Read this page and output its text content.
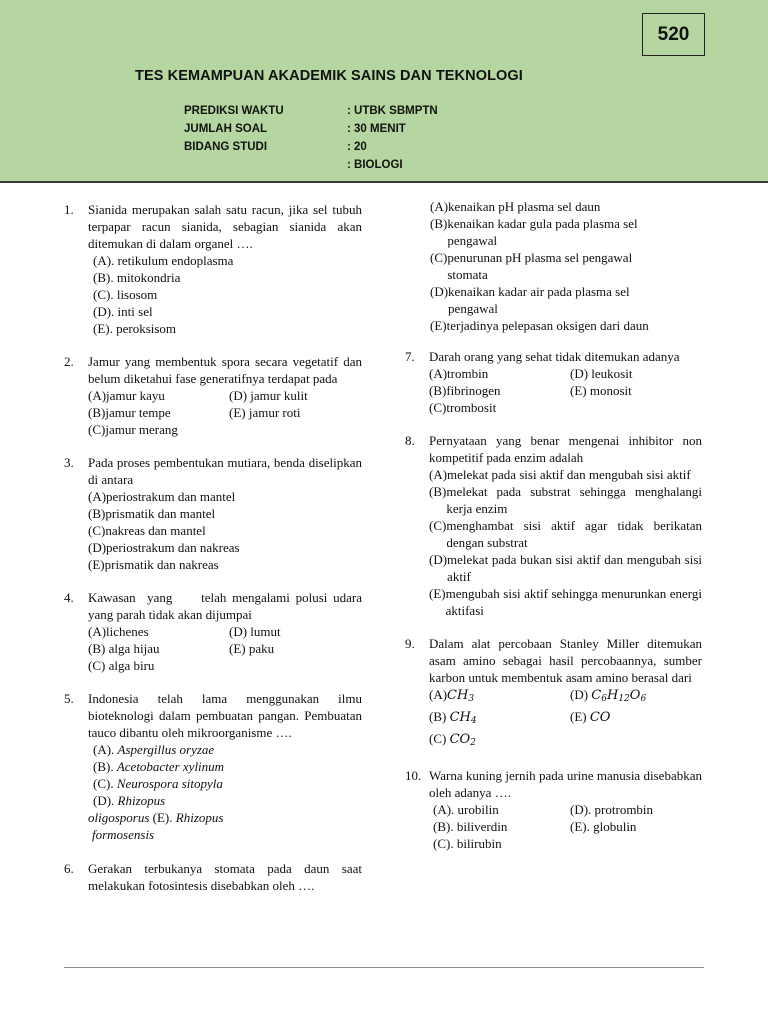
520
TES KEMAMPUAN AKADEMIK SAINS DAN TEKNOLOGI
PREDIKSI WAKTU	: UTBK SBMPTN
JUMLAH SOAL	: 30 MENIT
BIDANG STUDI	: 20
: BIOLOGI
1.	Sianida merupakan salah satu racun, jika sel tubuh terpapar racun sianida, sebagian sianida akan ditemukan di dalam organel ….
(A). retikulum endoplasma
(B). mitokondria
(C). lisosom
(D). inti sel
(E). peroksisom
2.	Jamur yang membentuk spora secara vegetatif dan belum diketahui fase generatifnya terdapat pada
(A) jamur kayu	(D) jamur kulit
(B) jamur tempe	(E) jamur roti
(C) jamur merang
3.	Pada proses pembentukan mutiara, benda diselipkan di antara
(A) periostrakum dan mantel
(B) prismatik dan mantel
(C) nakreas dan mantel
(D) periostrakum dan nakreas
(E) prismatik dan nakreas
4.	Kawasan  yang     telah mengalami polusi udara yang parah tidak akan dijumpai
(A)lichenes	(D) lumut
(B) alga hijau	(E) paku
(C) alga biru
5.	Indonesia telah lama menggunakan ilmu bioteknologi dalam pembuatan pangan. Pembuatan tauco dibantu oleh mikroorganisme ….
(A). Aspergillus oryzae
(B). Acetobacter xylinum
(C). Neurospora sitopyla
(D). Rhizopus
oligosporus (E). Rhizopus
formosensis
6.	Gerakan terbukanya stomata pada daun saat melakukan fotosintesis disebabkan oleh ….
(A) kenaikan pH plasma sel daun
(B) kenaikan kadar gula pada plasma sel pengawal
(C) penurunan pH plasma sel pengawal stomata
(D) kenaikan kadar air pada plasma sel pengawal
(E) terjadinya pelepasan oksigen dari daun
7.	Darah orang yang sehat tidak ditemukan adanya
(A) trombin	(D) leukosit
(B) fibrinogen	(E) monosit
(C) trombosit
8.	Pernyataan yang benar mengenai inhibitor non kompetitif pada enzim adalah
(A) melekat pada sisi aktif dan mengubah sisi aktif
(B) melekat pada substrat sehingga menghalangi kerja enzim
(C) menghambat sisi aktif agar tidak berikatan dengan substrat
(D) melekat pada bukan sisi aktif dan mengubah sisi aktif
(E) mengubah sisi aktif sehingga menurunkan energi aktifasi
9.	Dalam alat percobaan Stanley Miller ditemukan asam amino sebagai hasil percobaannya, sumber karbon untuk membentuk asam amino berasal dari
$(A)CH_3$	(D) $C_6H_{12}O_6$
(B) $CH_4$	(E) CO
(C) $CO_2$
10. Warna kuning jernih pada urine manusia disebabkan oleh adanya ….
(A). urobilin	(D). protrombin
(B). biliverdin	(E). globulin
(C). bilirubin
